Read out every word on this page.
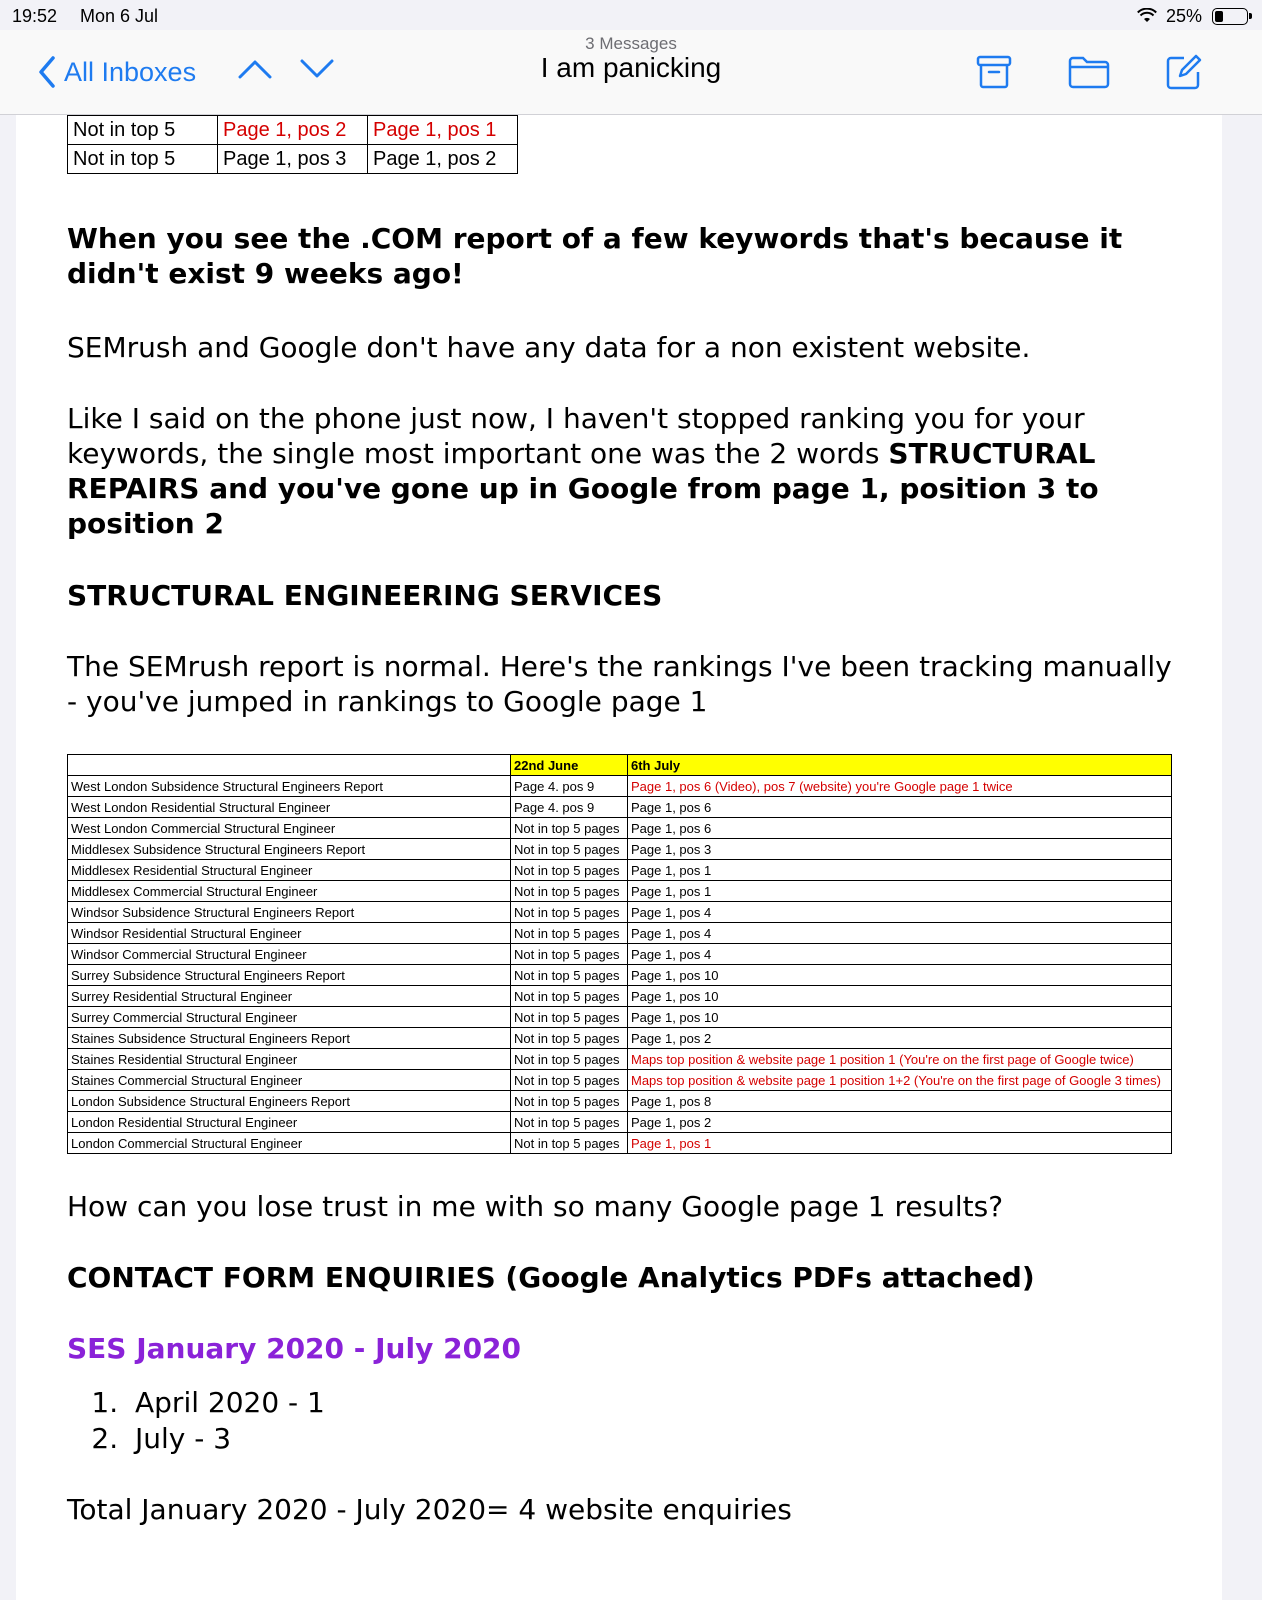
19:52 Mon 6 Jul	25%
All Inboxes
3 Messages
I am panicking
Not in top 5	Page 1, pos 2	Page 1, pos 1
Not in top 5	Page 1, pos 3	Page 1, pos 2

When you see the .COM report of a few keywords that's because it didn't exist 9 weeks ago!

SEMrush and Google don't have any data for a non existent website.

Like I said on the phone just now, I haven't stopped ranking you for your keywords, the single most important one was the 2 words STRUCTURAL REPAIRS and you've gone up in Google from page 1, position 3 to position 2

STRUCTURAL ENGINEERING SERVICES

The SEMrush report is normal. Here's the rankings I've been tracking manually - you've jumped in rankings to Google page 1

	22nd June	6th July
West London Subsidence Structural Engineers Report	Page 4. pos 9	Page 1, pos 6 (Video), pos 7 (website) you're Google page 1 twice
West London Residential Structural Engineer	Page 4. pos 9	Page 1, pos 6
West London Commercial Structural Engineer	Not in top 5 pages	Page 1, pos 6
Middlesex Subsidence Structural Engineers Report	Not in top 5 pages	Page 1, pos 3
Middlesex Residential Structural Engineer	Not in top 5 pages	Page 1, pos 1
Middlesex Commercial Structural Engineer	Not in top 5 pages	Page 1, pos 1
Windsor Subsidence Structural Engineers Report	Not in top 5 pages	Page 1, pos 4
Windsor Residential Structural Engineer	Not in top 5 pages	Page 1, pos 4
Windsor Commercial Structural Engineer	Not in top 5 pages	Page 1, pos 4
Surrey Subsidence Structural Engineers Report	Not in top 5 pages	Page 1, pos 10
Surrey Residential Structural Engineer	Not in top 5 pages	Page 1, pos 10
Surrey Commercial Structural Engineer	Not in top 5 pages	Page 1, pos 10
Staines Subsidence Structural Engineers Report	Not in top 5 pages	Page 1, pos 2
Staines Residential Structural Engineer	Not in top 5 pages	Maps top position & website page 1 position 1 (You're on the first page of Google twice)
Staines Commercial Structural Engineer	Not in top 5 pages	Maps top position & website page 1 position 1+2 (You're on the first page of Google 3 times)
London Subsidence Structural Engineers Report	Not in top 5 pages	Page 1, pos 8
London Residential Structural Engineer	Not in top 5 pages	Page 1, pos 2
London Commercial Structural Engineer	Not in top 5 pages	Page 1, pos 1

How can you lose trust in me with so many Google page 1 results?

CONTACT FORM ENQUIRIES (Google Analytics PDFs attached)

SES January 2020 - July 2020

1. April 2020 - 1
2. July - 3

Total January 2020 - July 2020= 4 website enquiries
